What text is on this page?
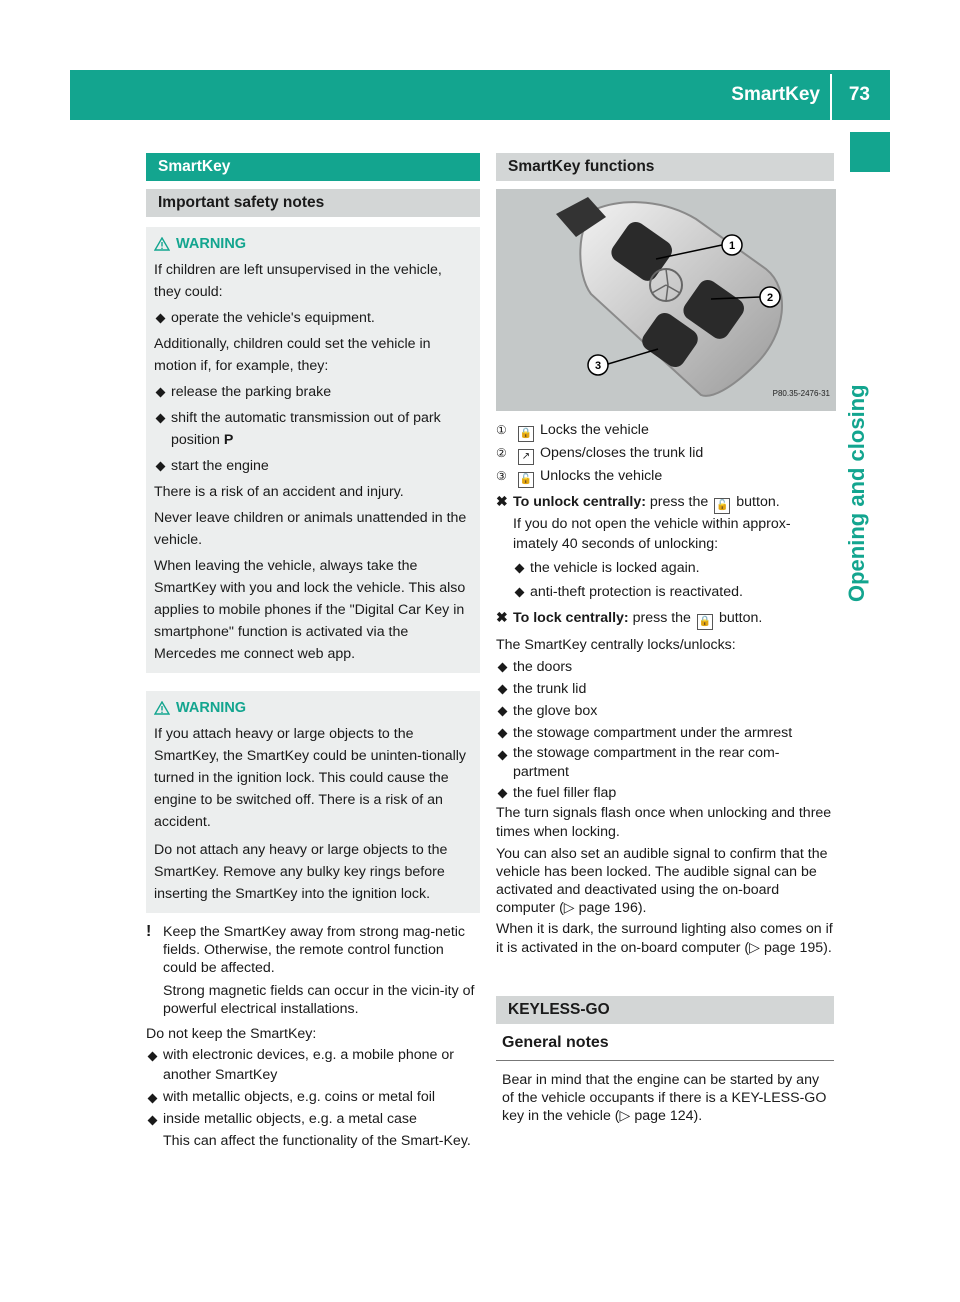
SmartKey 73
Opening and closing
SmartKey
Important safety notes
WARNING

If children are left unsupervised in the vehicle, they could:

operate the vehicle's equipment.

Additionally, children could set the vehicle in motion if, for example, they:

release the parking brake

shift the automatic transmission out of park position P

start the engine

There is a risk of an accident and injury.

Never leave children or animals unattended in the vehicle.

When leaving the vehicle, always take the SmartKey with you and lock the vehicle. This also applies to mobile phones if the "Digital Car Key in smartphone" function is activated via the Mercedes me connect web app.

WARNING

If you attach heavy or large objects to the SmartKey, the SmartKey could be uninten-tionally turned in the ignition lock. This could cause the engine to be switched off. There is a risk of an accident.

Do not attach any heavy or large objects to the SmartKey. Remove any bulky key rings before inserting the SmartKey into the ignition lock.

! Keep the SmartKey away from strong mag-netic fields. Otherwise, the remote control function could be affected.

Strong magnetic fields can occur in the vicin-ity of powerful electrical installations.

Do not keep the SmartKey:

with electronic devices, e.g. a mobile phone or another SmartKey

with metallic objects, e.g. coins or metal foil

inside metallic objects, e.g. a metal case

This can affect the functionality of the Smart-Key.

SmartKey functions
1
2
3
P80.35-2476-31

① 🔒 Locks the vehicle

② ↗ Opens/closes the trunk lid

③ 🔓 Unlocks the vehicle

✖ To unlock centrally: press the 🔓 button.

If you do not open the vehicle within approx-imately 40 seconds of unlocking:

the vehicle is locked again.

anti-theft protection is reactivated.

✖ To lock centrally: press the 🔒 button.

The SmartKey centrally locks/unlocks:

the doors

the trunk lid

the glove box

the stowage compartment under the armrest

the stowage compartment in the rear com-partment

the fuel filler flap

The turn signals flash once when unlocking and three times when locking.

You can also set an audible signal to confirm that the vehicle has been locked. The audible signal can be activated and deactivated using the on-board computer (▷ page 196).

When it is dark, the surround lighting also comes on if it is activated in the on-board computer (▷ page 195).

KEYLESS-GO

General notes

Bear in mind that the engine can be started by any of the vehicle occupants if there is a KEY-LESS-GO key in the vehicle (▷ page 124).
